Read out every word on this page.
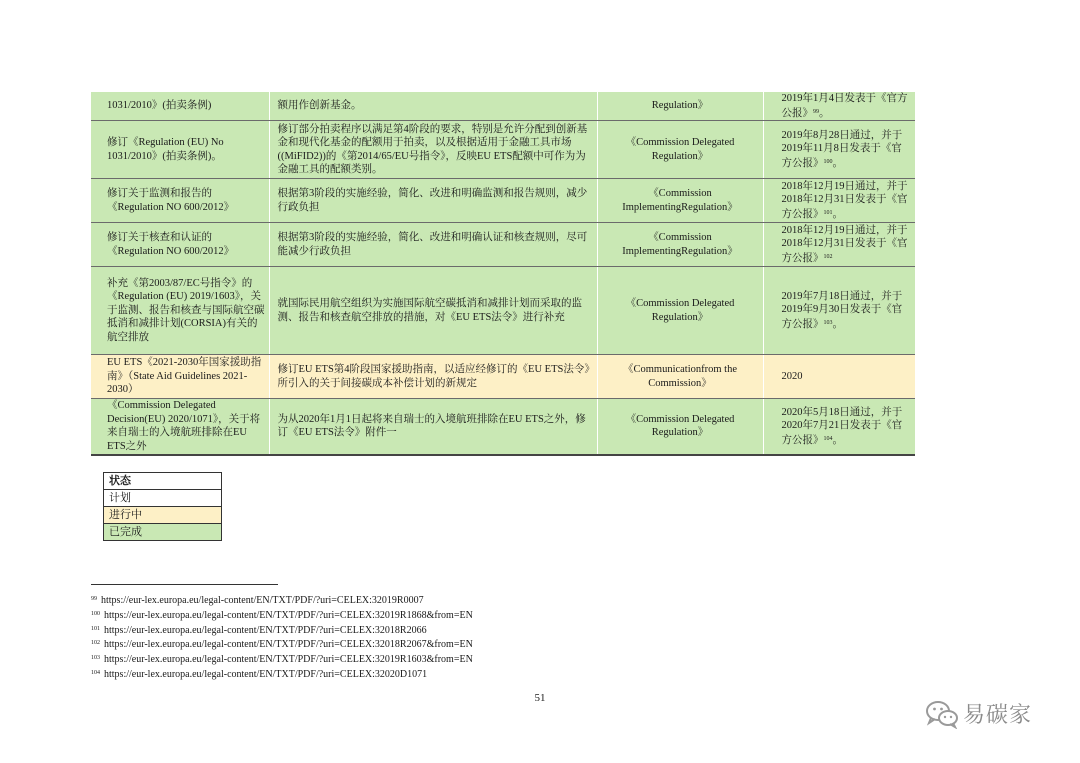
1031/2010》(拍卖条例)	额用作创新基金。	Regulation》	2019年1月4日发表于《官方公报》$^{99}$。
修订《Regulation (EU) No 1031/2010》(拍卖条例)。	修订部分拍卖程序以满足第4阶段的要求，特别是允许分配到创新基金和现代化基金的配额用于拍卖，以及根据适用于金融工具市场((MiFID2))的《第2014/65/EU号指令》，反映EU ETS配额中可作为为金融工具的配额类别。	《Commission Delegated Regulation》	2019年8月28日通过，并于2019年11月8日发表于《官方公报》$^{100}$。
修订关于监测和报告的《Regulation NO 600/2012》	根据第3阶段的实施经验，简化、改进和明确监测和报告规则，减少行政负担	《Commission ImplementingRegulation》	2018年12月19日通过，并于2018年12月31日发表于《官方公报》$^{101}$。
修订关于核查和认证的《Regulation NO 600/2012》	根据第3阶段的实施经验，简化、改进和明确认证和核查规则，尽可能减少行政负担	《Commission ImplementingRegulation》	2018年12月19日通过，并于2018年12月31日发表于《官方公报》$^{102}$
补充《第2003/87/EC号指令》的《Regulation (EU) 2019/1603》，关于监测、报告和核查与国际航空碳抵消和减排计划(CORSIA)有关的航空排放	就国际民用航空组织为实施国际航空碳抵消和减排计划而采取的监测、报告和核查航空排放的措施，对《EU ETS法令》进行补充	《Commission Delegated Regulation》	2019年7月18日通过，并于2019年9月30日发表于《官方公报》$^{103}$。
EU ETS《2021-2030年国家援助指南》（State Aid Guidelines 2021-2030）	修订EU ETS第4阶段国家援助指南，以适应经修订的《EU ETS法令》所引入的关于间接碳成本补偿计划的新规定	《Communicationfrom the Commission》	2020
《Commission Delegated Decision(EU) 2020/1071》，关于将来自瑞士的入境航班排除在EU ETS之外	为从2020年1月1日起将来自瑞士的入境航班排除在EU ETS之外，修订《EU ETS法令》附件一	《Commission Delegated Regulation》	2020年5月18日通过，并于2020年7月21日发表于《官方公报》$^{104}$。
状态
计划
进行中
已完成
$^{99}$ https://eur-lex.europa.eu/legal-content/EN/TXT/PDF/?uri=CELEX:32019R0007
$^{100}$ https://eur-lex.europa.eu/legal-content/EN/TXT/PDF/?uri=CELEX:32019R1868&from=EN
$^{101}$ https://eur-lex.europa.eu/legal-content/EN/TXT/PDF/?uri=CELEX:32018R2066
$^{102}$ https://eur-lex.europa.eu/legal-content/EN/TXT/PDF/?uri=CELEX:32018R2067&from=EN
$^{103}$ https://eur-lex.europa.eu/legal-content/EN/TXT/PDF/?uri=CELEX:32019R1603&from=EN
$^{104}$ https://eur-lex.europa.eu/legal-content/EN/TXT/PDF/?uri=CELEX:32020D1071
51
易碳家
